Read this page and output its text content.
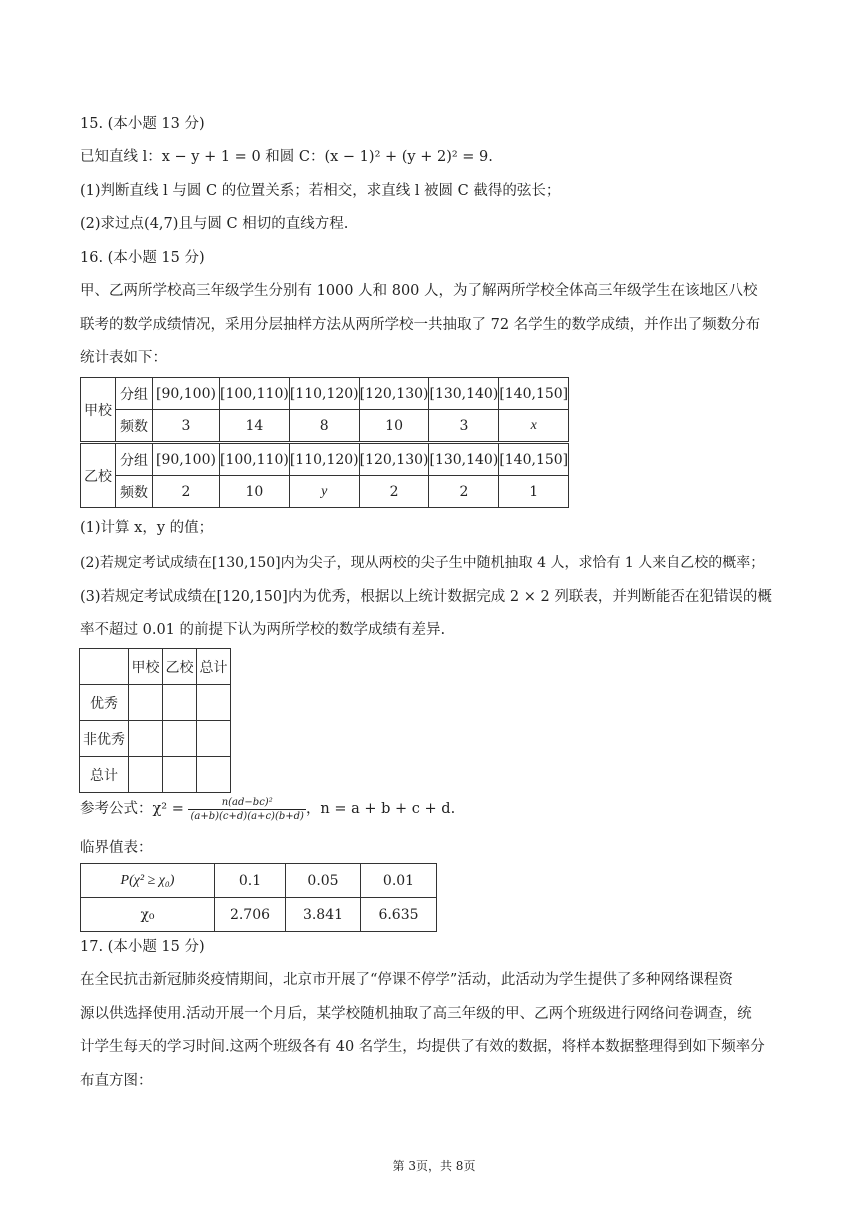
15. (本小题 13 分)
已知直线 l：x − y + 1 = 0 和圆 C：(x − 1)² + (y + 2)² = 9.
(1)判断直线 l 与圆 C 的位置关系；若相交，求直线 l 被圆 C 截得的弦长；
(2)求过点(4,7)且与圆 C 相切的直线方程.
16. (本小题 15 分)
甲、乙两所学校高三年级学生分别有 1000 人和 800 人，为了解两所学校全体高三年级学生在该地区八校
联考的数学成绩情况，采用分层抽样方法从两所学校一共抽取了 72 名学生的数学成绩，并作出了频数分布
统计表如下：
甲校	分组	[90,100)	[100,110)	[110,120)	[120,130)	[130,140)	[140,150]
	频数	3	14	8	10	3	x
乙校	分组	[90,100)	[100,110)	[110,120)	[120,130)	[130,140)	[140,150]
	频数	2	10	y	2	2	1
(1)计算 x，y 的值；
(2)若规定考试成绩在[130,150]内为尖子，现从两校的尖子生中随机抽取 4 人，求恰有 1 人来自乙校的概率；
(3)若规定考试成绩在[120,150]内为优秀，根据以上统计数据完成 2 × 2 列联表，并判断能否在犯错误的概
率不超过 0.01 的前提下认为两所学校的数学成绩有差异.
	甲校	乙校	总计
优秀			
非优秀			
总计			
参考公式：$\chi^2 = \frac{\text{n(ad−bc)²}}{(a+b)(c+d)(a+c)(b+d)}$ ，n = a + b + c + d.
临界值表：
P(χ² ≥ χ₀)	0.1	0.05	0.01
χ₀	2.706	3.841	6.635
17. (本小题 15 分)
在全民抗击新冠肺炎疫情期间，北京市开展了“停课不停学”活动，此活动为学生提供了多种网络课程资
源以供选择使用.活动开展一个月后，某学校随机抽取了高三年级的甲、乙两个班级进行网络问卷调查，统
计学生每天的学习时间.这两个班级各有 40 名学生，均提供了有效的数据，将样本数据整理得到如下频率分
布直方图：
第 3页，共 8页
